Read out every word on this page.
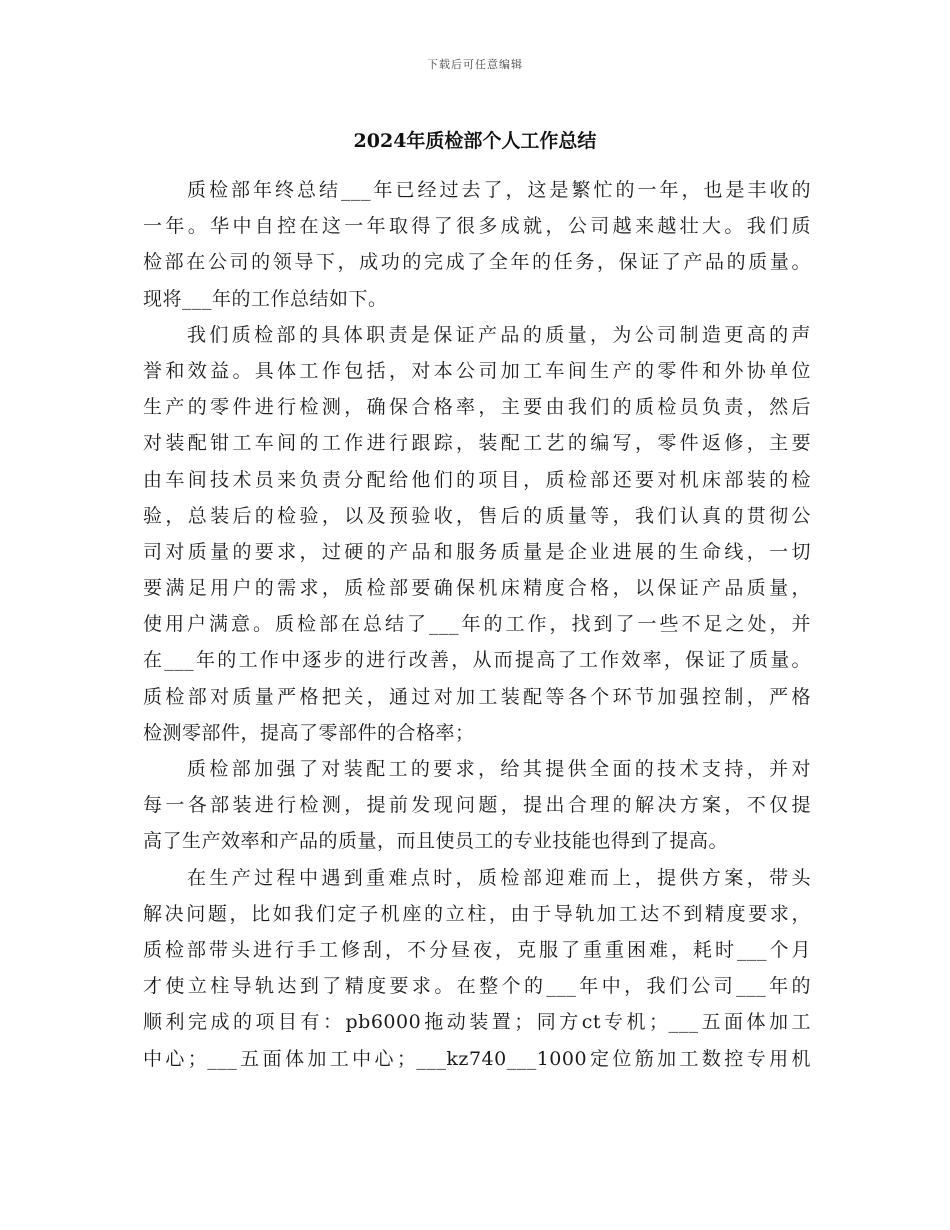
下载后可任意编辑
2024年质检部个人工作总结
质检部年终总结___年已经过去了，这是繁忙的一年，也是丰收的
一年。华中自控在这一年取得了很多成就，公司越来越壮大。我们质
检部在公司的领导下，成功的完成了全年的任务，保证了产品的质量。
现将___年的工作总结如下。
我们质检部的具体职责是保证产品的质量，为公司制造更高的声
誉和效益。具体工作包括，对本公司加工车间生产的零件和外协单位
生产的零件进行检测，确保合格率，主要由我们的质检员负责，然后
对装配钳工车间的工作进行跟踪，装配工艺的编写，零件返修，主要
由车间技术员来负责分配给他们的项目，质检部还要对机床部装的检
验，总装后的检验，以及预验收，售后的质量等，我们认真的贯彻公
司对质量的要求，过硬的产品和服务质量是企业进展的生命线，一切
要满足用户的需求，质检部要确保机床精度合格，以保证产品质量，
使用户满意。质检部在总结了___年的工作，找到了一些不足之处，并
在___年的工作中逐步的进行改善，从而提高了工作效率，保证了质量。
质检部对质量严格把关，通过对加工装配等各个环节加强控制，严格
检测零部件，提高了零部件的合格率；
质检部加强了对装配工的要求，给其提供全面的技术支持，并对
每一各部装进行检测，提前发现问题，提出合理的解决方案，不仅提
高了生产效率和产品的质量，而且使员工的专业技能也得到了提高。
在生产过程中遇到重难点时，质检部迎难而上，提供方案，带头
解决问题，比如我们定子机座的立柱，由于导轨加工达不到精度要求，
质检部带头进行手工修刮，不分昼夜，克服了重重困难，耗时___个月
才使立柱导轨达到了精度要求。在整个的___年中，我们公司___年的
顺利完成的项目有：pb6000拖动装置；同方ct专机；___五面体加工
中心；___五面体加工中心；___kz740___1000定位筋加工数控专用机
